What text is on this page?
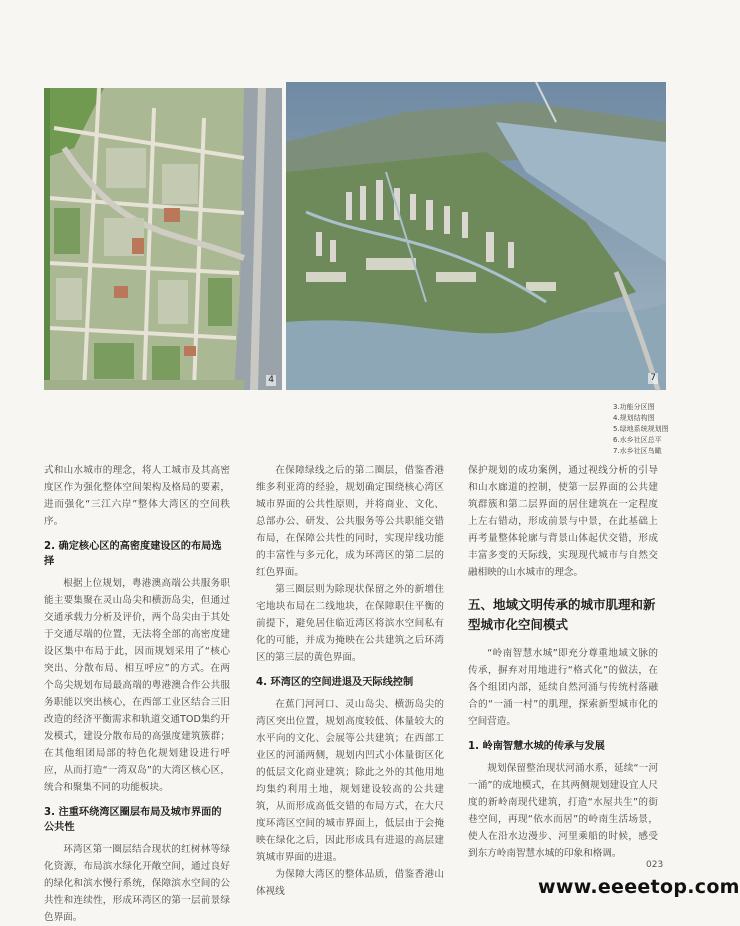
4	7
3.功能分区图
4.规划结构图
5.绿地系统规划图
6.水乡社区总平
7.水乡社区鸟瞰

式和山水城市的理念，将人工城市及其高密度区作为强化整体空间架构及格局的要素，进而强化“三江六岸”整体大湾区的空间秩序。

2. 确定核心区的高密度建设区的布局选择

根据上位规划，粤港澳高端公共服务职能主要集聚在灵山岛尖和横沥岛尖，但通过交通承载力分析及评价，两个岛尖由于其处于交通尽端的位置，无法将全部的高密度建设区集中布局于此，因而规划采用了“核心突出、分散布局、相互呼应”的方式。在两个岛尖规划布局最高端的粤港澳合作公共服务职能以突出核心，在西部工业区结合三旧改造的经济平衡需求和轨道交通TOD集约开发模式，建设分散布局的高强度建筑簇群；在其他组团局部的特色化规划建设进行呼应，从而打造“一湾双岛”的大湾区核心区，统合和聚集不同的功能板块。

3. 注重环绕湾区圈层布局及城市界面的公共性

环湾区第一圈层结合现状的红树林等绿化资源，布局滨水绿化开敞空间，通过良好的绿化和滨水慢行系统，保障滨水空间的公共性和连续性，形成环湾区的第一层前景绿色界面。

在保障绿线之后的第二圈层，借鉴香港维多利亚湾的经验，规划确定围绕核心湾区城市界面的公共性原则，并将商业、文化、总部办公、研发、公共服务等公共职能交错布局，在保障公共性的同时，实现岸线功能的丰富性与多元化，成为环湾区的第二层的红色界面。

第三圈层则为除现状保留之外的新增住宅地块布局在二线地块，在保障职住平衡的前提下，避免居住临近湾区将滨水空间私有化的可能，并成为掩映在公共建筑之后环湾区的第三层的黄色界面。

4. 环湾区的空间进退及天际线控制

在蕉门河河口、灵山岛尖、横沥岛尖的湾区突出位置，规划高度较低、体量较大的水平向的文化、会展等公共建筑；在西部工业区的河涌两侧，规划内凹式小体量街区化的低层文化商业建筑；除此之外的其他用地均集约利用土地，规划建设较高的公共建筑，从而形成高低交错的布局方式，在大尺度环湾区空间的城市界面上，低层由于会掩映在绿化之后，因此形成具有进退的高层建筑城市界面的进退。

为保障大湾区的整体品质，借鉴香港山体视线

保护规划的成功案例，通过视线分析的引导和山水廊道的控制，使第一层界面的公共建筑群簇和第二层界面的居住建筑在一定程度上左右错动，形成前景与中景，在此基础上再考量整体轮廓与背景山体起伏交错，形成丰富多变的天际线，实现现代城市与自然交融相映的山水城市的理念。

五、地域文明传承的城市肌理和新型城市化空间模式

“岭南智慧水城”即充分尊重地域文脉的传承，摒弃对用地进行“格式化”的做法，在各个组团内部，延续自然河涌与传统村落融合的“一涌一村”的肌理，探索新型城市化的空间营造。

1. 岭南智慧水城的传承与发展

规划保留整治现状河涌水系，延续“一河一涌”的成地模式，在其两侧规划建设宜人尺度的新岭南现代建筑，打造“水屋共生”的街巷空间，再现“依水而居”的岭南生活场景，使人在沿水边漫步、河里乘船的时候，感受到东方岭南智慧水城的印象和格调。

023
www.eeeetop.com
